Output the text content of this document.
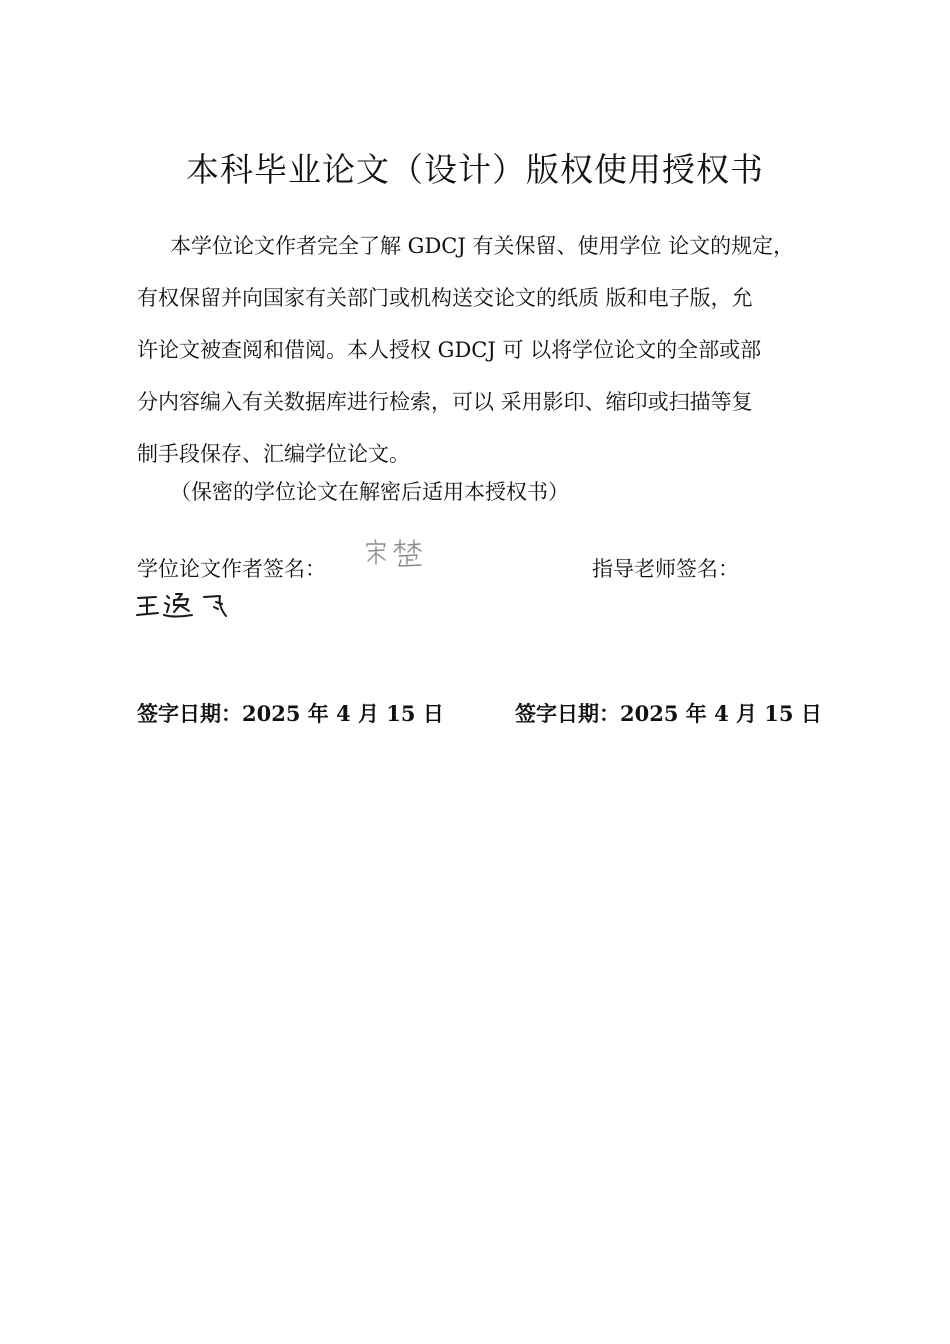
本科毕业论文（设计）版权使用授权书
本学位论文作者完全了解 GDCJ 有关保留、使用学位 论文的规定，
有权保留并向国家有关部门或机构送交论文的纸质 版和电子版，允
许论文被查阅和借阅。本人授权 GDCJ 可 以将学位论文的全部或部
分内容编入有关数据库进行检索，可以 采用影印、缩印或扫描等复
制手段保存、汇编学位论文。
（保密的学位论文在解密后适用本授权书）
学位论文作者签名：	指导老师签名：
签字日期：2025 年 4 月 15 日	签字日期：2025 年 4 月 15 日
